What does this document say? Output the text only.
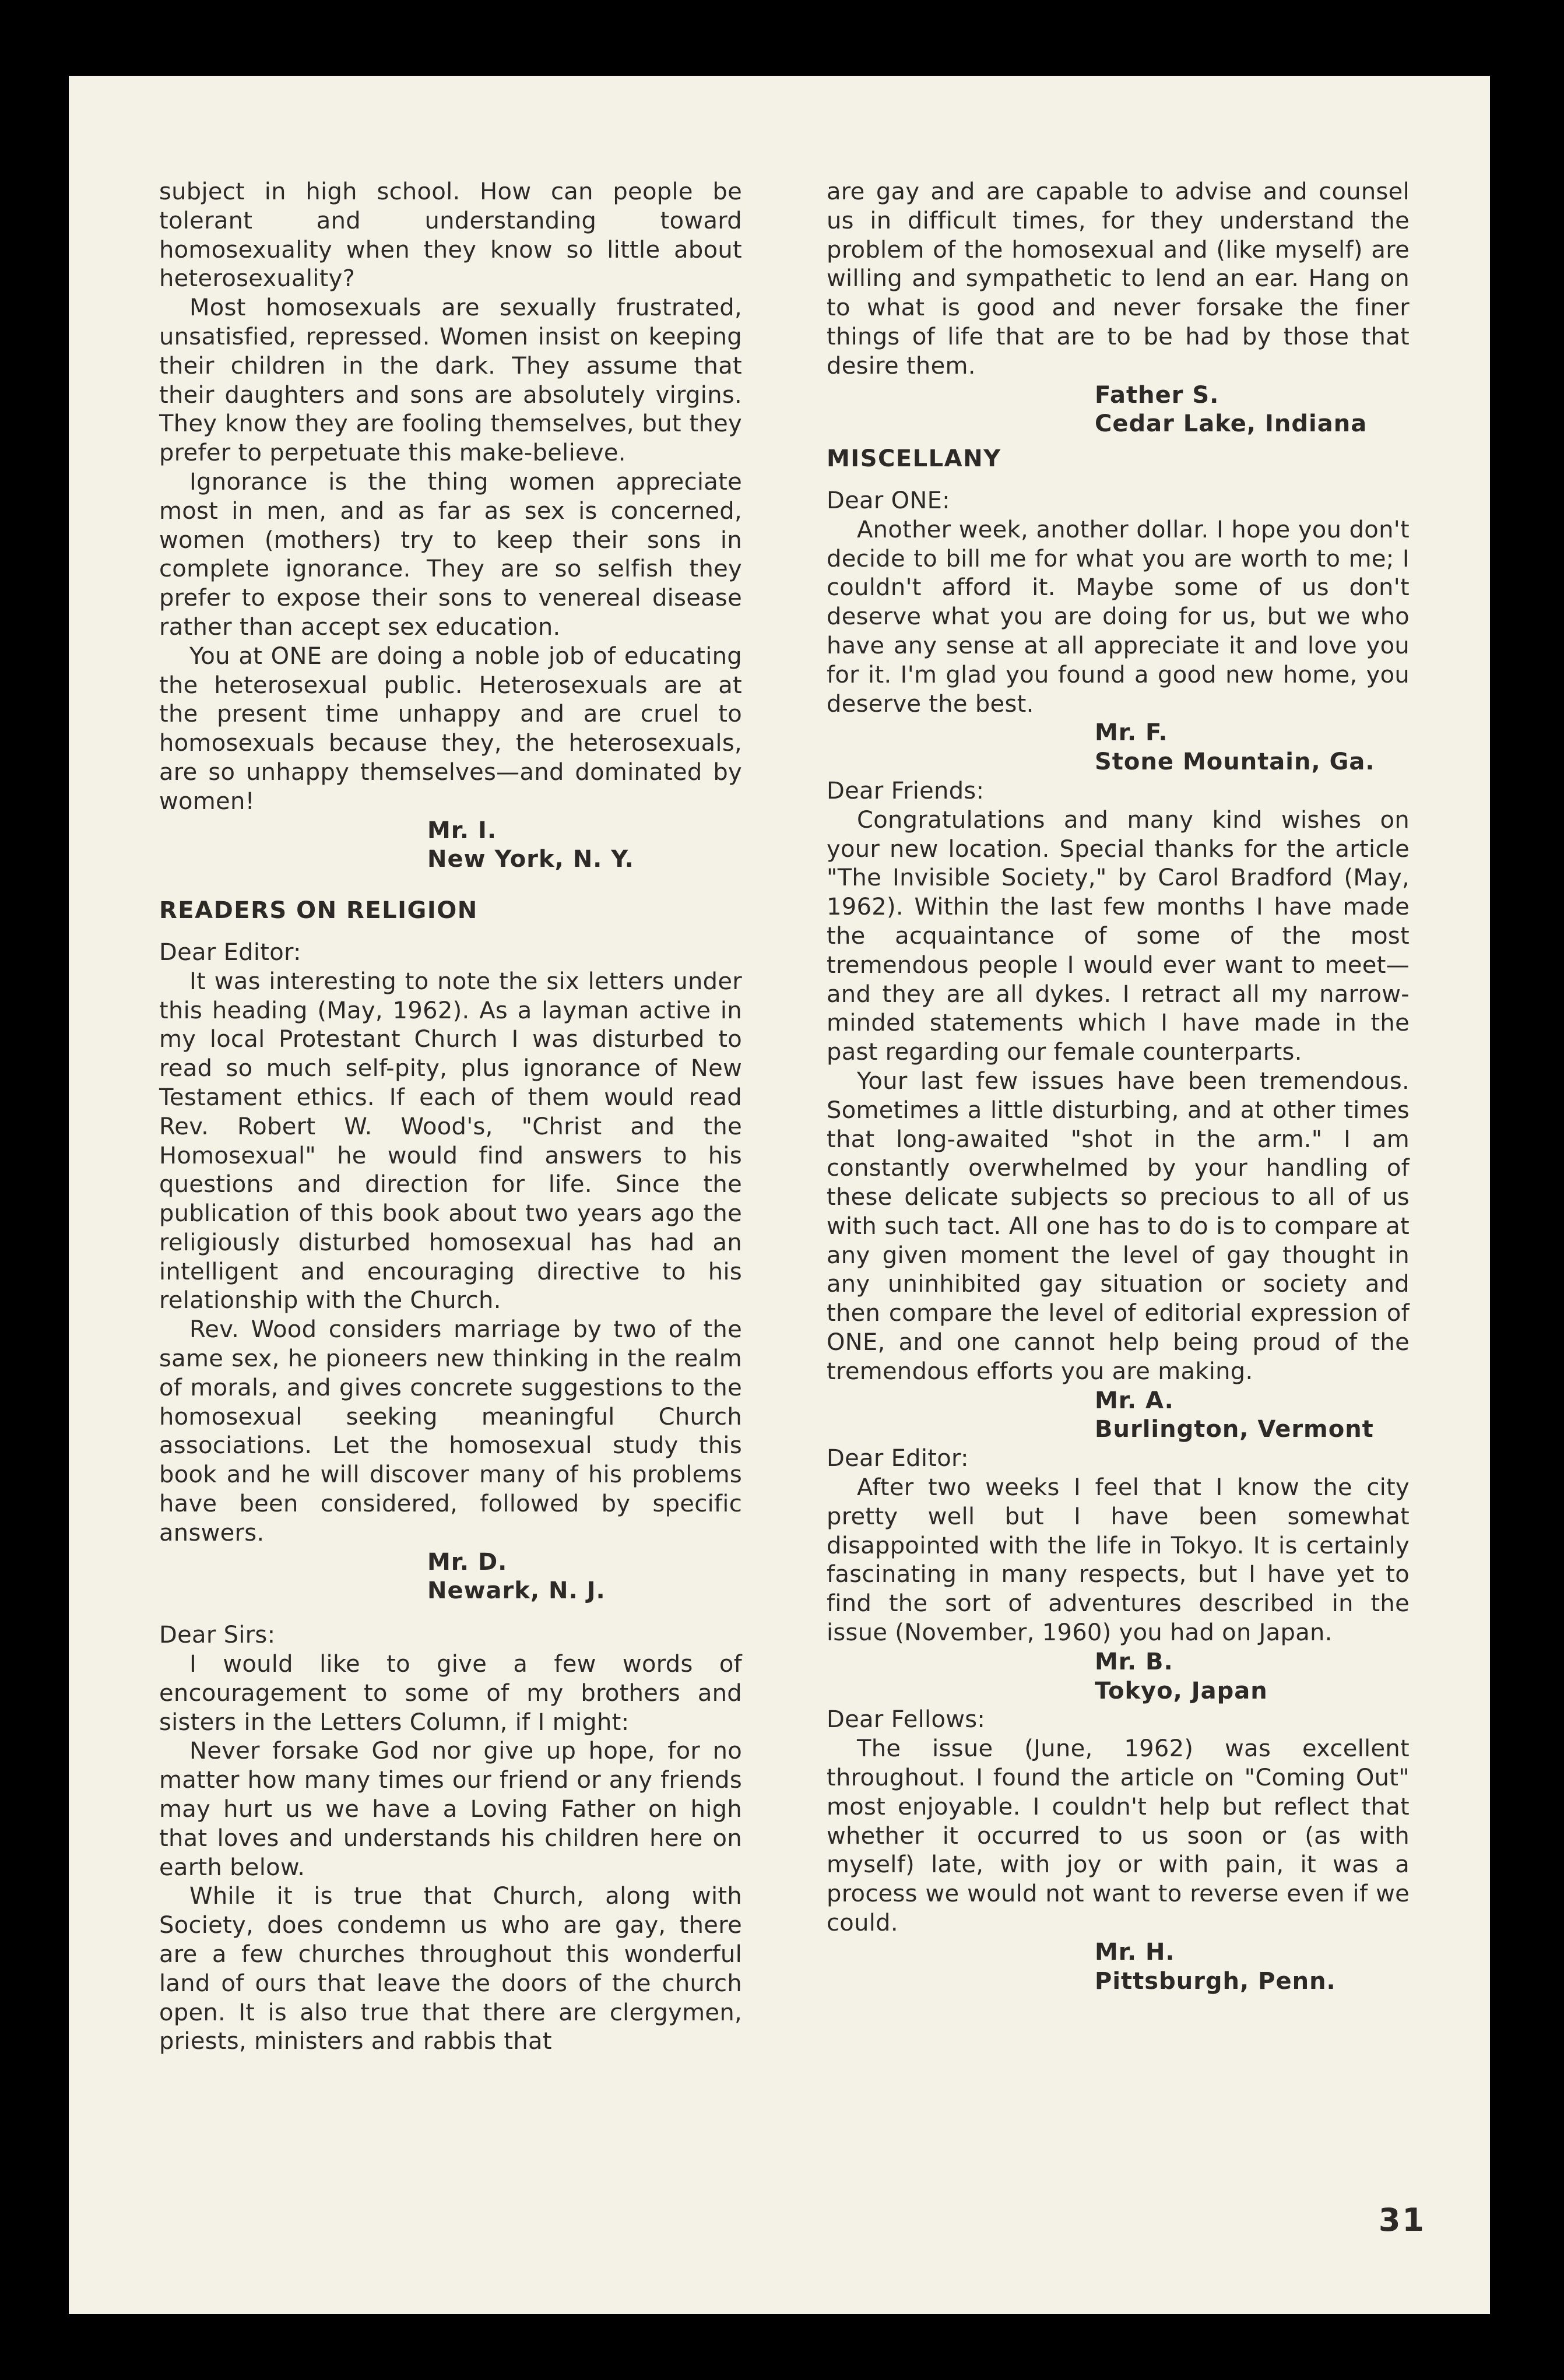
subject in high school. How can people be tolerant and understanding toward homosexuality when they know so little about heterosexuality?

Most homosexuals are sexually frustrated, unsatisfied, repressed. Women insist on keeping their children in the dark. They assume that their daughters and sons are absolutely virgins. They know they are fooling themselves, but they prefer to perpetuate this make-believe.

Ignorance is the thing women appreciate most in men, and as far as sex is concerned, women (mothers) try to keep their sons in complete ignorance. They are so selfish they prefer to expose their sons to venereal disease rather than accept sex education.

You at ONE are doing a noble job of educating the heterosexual public. Heterosexuals are at the present time unhappy and are cruel to homosexuals because they, the heterosexuals, are so unhappy themselves—and dominated by women!

Mr. I.
New York, N. Y.
READERS ON RELIGION
Dear Editor:

It was interesting to note the six letters under this heading (May, 1962). As a layman active in my local Protestant Church I was disturbed to read so much self-pity, plus ignorance of New Testament ethics. If each of them would read Rev. Robert W. Wood's, "Christ and the Homosexual" he would find answers to his questions and direction for life. Since the publication of this book about two years ago the religiously disturbed homosexual has had an intelligent and encouraging directive to his relationship with the Church.

Rev. Wood considers marriage by two of the same sex, he pioneers new thinking in the realm of morals, and gives concrete suggestions to the homosexual seeking meaningful Church associations. Let the homosexual study this book and he will discover many of his problems have been considered, followed by specific answers.

Mr. D.
Newark, N. J.
Dear Sirs:

I would like to give a few words of encouragement to some of my brothers and sisters in the Letters Column, if I might:

Never forsake God nor give up hope, for no matter how many times our friend or any friends may hurt us we have a Loving Father on high that loves and understands his children here on earth below.

While it is true that Church, along with Society, does condemn us who are gay, there are a few churches throughout this wonderful land of ours that leave the doors of the church open. It is also true that there are clergymen, priests, ministers and rabbis that

are gay and are capable to advise and counsel us in difficult times, for they understand the problem of the homosexual and (like myself) are willing and sympathetic to lend an ear. Hang on to what is good and never forsake the finer things of life that are to be had by those that desire them.

Father S.
Cedar Lake, Indiana
MISCELLANY
Dear ONE:

Another week, another dollar. I hope you don't decide to bill me for what you are worth to me; I couldn't afford it. Maybe some of us don't deserve what you are doing for us, but we who have any sense at all appreciate it and love you for it. I'm glad you found a good new home, you deserve the best.

Mr. F.
Stone Mountain, Ga.
Dear Friends:

Congratulations and many kind wishes on your new location. Special thanks for the article "The Invisible Society," by Carol Bradford (May, 1962). Within the last few months I have made the acquaintance of some of the most tremendous people I would ever want to meet—and they are all dykes. I retract all my narrow-minded statements which I have made in the past regarding our female counterparts.

Your last few issues have been tremendous. Sometimes a little disturbing, and at other times that long-awaited "shot in the arm." I am constantly overwhelmed by your handling of these delicate subjects so precious to all of us with such tact. All one has to do is to compare at any given moment the level of gay thought in any uninhibited gay situation or society and then compare the level of editorial expression of ONE, and one cannot help being proud of the tremendous efforts you are making.

Mr. A.
Burlington, Vermont
Dear Editor:

After two weeks I feel that I know the city pretty well but I have been somewhat disappointed with the life in Tokyo. It is certainly fascinating in many respects, but I have yet to find the sort of adventures described in the issue (November, 1960) you had on Japan.

Mr. B.
Tokyo, Japan
Dear Fellows:

The issue (June, 1962) was excellent throughout. I found the article on "Coming Out" most enjoyable. I couldn't help but reflect that whether it occurred to us soon or (as with myself) late, with joy or with pain, it was a process we would not want to reverse even if we could.

Mr. H.
Pittsburgh, Penn.
31
